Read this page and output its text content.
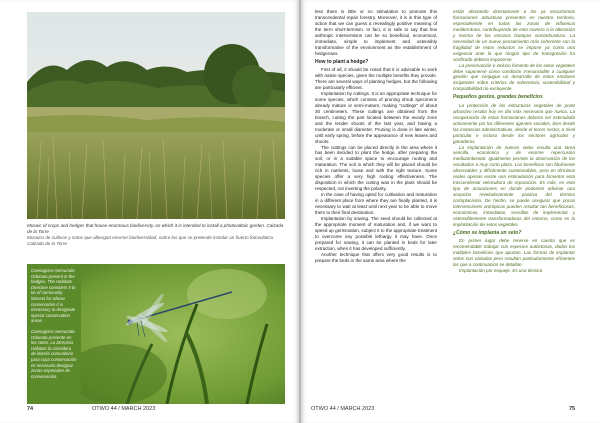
Mosaic of crops and hedges that house enormous biodiversity, on which it is intended to install a photovoltaic garden. Calzada de la Torre
Mosaico de cultivos y setos que albergan enorme biodiversidad, sobre los que se pretende instalar un huerto fotovoltaico. Calzada de la Torre

Coenagrion mercuriale. Odonata present in the hedges. The Habitats Directive considers it to be of community interest for whose conservation it is necessary to designate special conservation areas.

Coenagrion mercuriale. Odonato presente en los setos. La Directiva Hábitats lo considera de interés comunitario para cuya conservación es necesario designar zonas especiales de conservación.

74	OTWO 44 / MARCH 2023

less there is little or no stimulation to promote this transcendental repair forestry. Moreover, it is in this type of action that we can guess a revealingly positive meaning of the term short-termism. In fact, it is safe to say that few anthropic interventions can be so beneficial, economical, immediate, simple to implement and ostensibly transformative of the environment as the establishment of hedgerows.

How to plant a hedge?

First of all, it should be noted that it is advisable to work with native species, given the multiple benefits they provide. There are several ways of planting hedges, but the following are particularly efficient.

Implantation by cuttings. It is an appropriate technique for some species, which consists of pruning shrub specimens already mature or semi-mature, making "cuttings" of about 30 centimeters. These cuttings are obtained from the branch, cutting the part located between the woody zone and the tender shoots of the last year, and having a moderate or small diameter. Pruning is done in late winter, until early spring, before the appearance of new leaves and shoots.

The cuttings can be placed directly in the area where it has been decided to plant the hedge, after preparing the soil, or in a suitable space to encourage rooting and maturation. The soil in which they will be placed should be rich in nutrients, loose and with the right texture. Some species offer a very high rooting effectiveness. The disposition in which the cutting was in the plant should be respected, not inverting the polarity.

In the case of having opted for cultivation and maturation in a different place from where they are finally planted, it is necessary to wait at least until next year to be able to move them to their final destination.

Implantation by sowing. The seed should be collected at the appropriate moment of maturation and, if we want to speed up germination, subject it to the appropriate treatment to overcome any possible lethargy it may have. Once prepared for sowing, it can be planted in beds for later extraction, when it has developed sufficiently.

Another technique that offers very good results is to prepare the beds in the same area where the

están afectando directamente a las ya escasísimas formaciones arbustivas presentes en nuestro territorio, especialmente en todas las zonas de influencia mediterránea, contribuyendo de esta manera a la alteración y merma de los escasos biotopos semiarbustivos. La necesidad de un nuevo pensamiento más coherente con la fragilidad de estos reductos se impone ya como una exigencia ante la que ningún tipo de transgresión ha verificado debiera imponerse.

La preservación e incluso fomento de los setos vegetales debe suponerse como condición irrenunciable a cualquier gestión que conjugue un desarrollo de estos enclaves incipientes sobre criterios de coherencia, sostenibilidad y compatibilidad no excluyente.

Pequeños gestos, grandes beneficios

La protección de las estructuras vegetales de porte arbustivo resulta hoy en día más necesaria que nunca. La recuperación de estas formaciones debería ser estimulada activamente por los diferentes agentes sociales, bien desde las instancias administrativas, desde el tercer sector, a nivel particular e incluso desde los sectores agrícolas y ganaderos.

La implantación de nuevos setos resulta una tarea sencilla, económica y de enorme repercusión medioambiental. Igualmente permite la observación de los resultados a muy corto plazo. Los beneficios son fácilmente observables y difícilmente cuestionables, pero en términos reales apenas existe una estimulación para fomentar esta trascendental selvicultura de reparación. Es más, en este tipo de actuaciones en donde podemos adivinar una acepción reveladoramente positiva del término cortoplacismo. De hecho, se puede asegurar que pocas intervenciones antrópicas pueden resultar tan beneficiosas, económicas, inmediatas, sencillas de implementar y ostensiblemente transformadoras del entorno, como es la implantación de setos vegetales.

¿Cómo se implanta un seto?

En primer lugar debe tenerse en cuenta que es recomendable trabajar con especies autóctonas, dados los múltiples beneficios que aportan. Las formas de implantar setos son variadas pero resultan particularmente eficientes las que a continuación se detallan.

Implantación por esqueje. Es una técnica

OTWO 44 / MARCH 2023	75
